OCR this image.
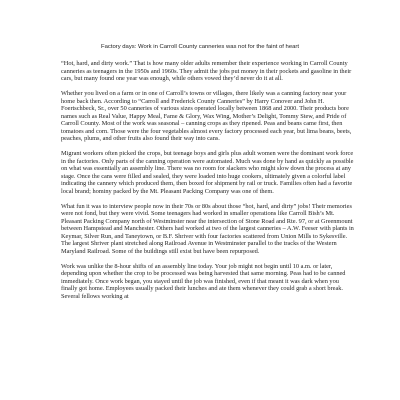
Factory days: Work in Carroll County canneries was not for the faint of heart

“Hot, hard, and dirty work.” That is how many older adults remember their experience working in Carroll County canneries as teenagers in the 1950s and 1960s. They admit the jobs put money in their pockets and gasoline in their cars, but many found one year was enough, while others vowed they’d never do it at all.

Whether you lived on a farm or in one of Carroll’s towns or villages, there likely was a canning factory near your home back then. According to “Carroll and Frederick County Canneries” by Harry Conover and John H. Foertschbeck, Sr., over 50 canneries of various sizes operated locally between 1868 and 2000. Their products bore names such as Real Value, Happy Meal, Fame & Glory, Wax Wing, Mother’s Delight, Tommy Stew, and Pride of Carroll County. Most of the work was seasonal – canning crops as they ripened. Peas and beans came first, then tomatoes and corn. Those were the four vegetables almost every factory processed each year, but lima beans, beets, peaches, plums, and other fruits also found their way into cans.

Migrant workers often picked the crops, but teenage boys and girls plus adult women were the dominant work force in the factories. Only parts of the canning operation were automated. Much was done by hand as quickly as possible on what was essentially an assembly line. There was no room for slackers who might slow down the process at any stage. Once the cans were filled and sealed, they were loaded into huge cookers, ultimately given a colorful label indicating the cannery which produced them, then boxed for shipment by rail or truck. Families often had a favorite local brand; hominy packed by the Mt. Pleasant Packing Company was one of them.

What fun it was to interview people now in their 70s or 80s about those “hot, hard, and dirty” jobs! Their memories were not fond, but they were vivid. Some teenagers had worked in smaller operations like Carroll Bish’s Mt. Pleasant Packing Company north of Westminster near the intersection of Stone Road and Rte. 97, or at Greenmount between Hampstead and Manchester. Others had worked at two of the largest canneries – A.W. Feeser with plants in Keymar, Silver Run, and Taneytown, or B.F. Shriver with four factories scattered from Union Mills to Sykesville. The largest Shriver plant stretched along Railroad Avenue in Westminster parallel to the tracks of the Western Maryland Railroad. Some of the buildings still exist but have been repurposed.

Work was unlike the 8-hour shifts of an assembly line today. Your job might not begin until 10 a.m. or later, depending upon whether the crop to be processed was being harvested that same morning. Peas had to be canned immediately. Once work began, you stayed until the job was finished, even if that meant it was dark when you finally got home. Employees usually packed their lunches and ate them whenever they could grab a short break. Several fellows working at
